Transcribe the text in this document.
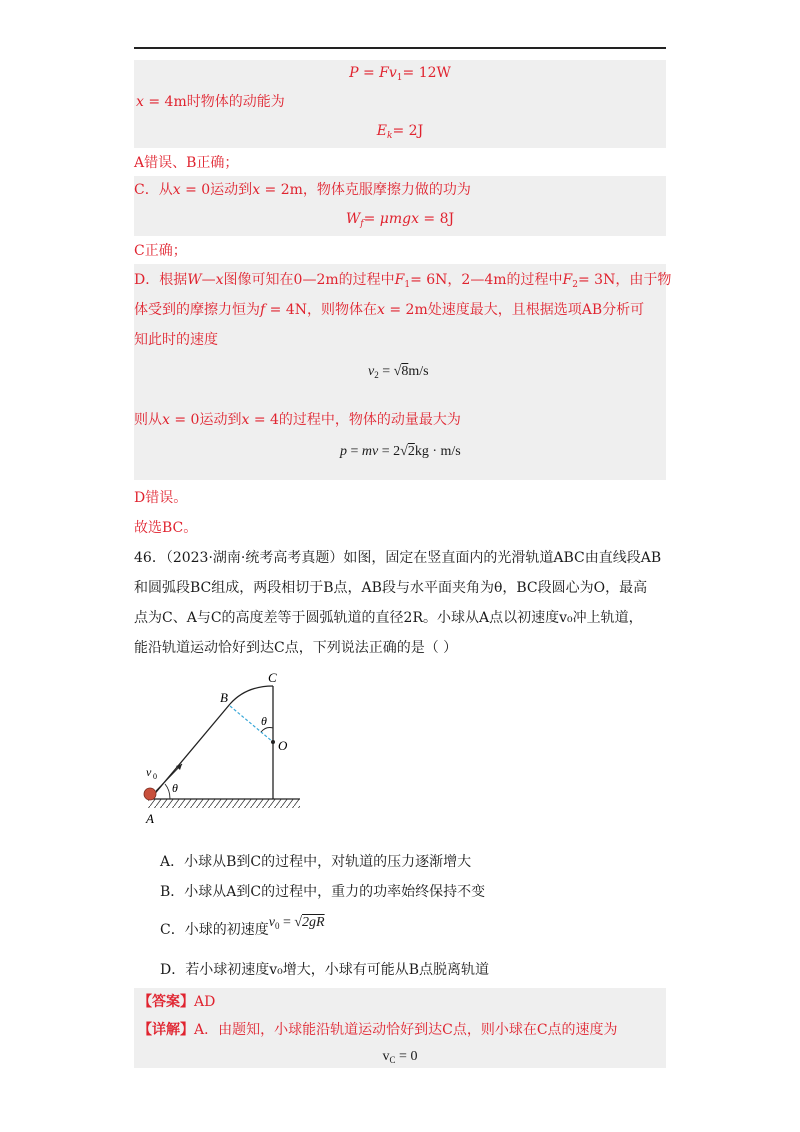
$P = Fv_1= 12W$
x = 4m时物体的动能为
$E_k= 2J$
A错误、B正确；
C．从x = 0运动到x = 2m，物体克服摩擦力做的功为
$W_f= \mu mgx = 8J$
C正确；
D．根据W—x图像可知在0—2m的过程中$F_1= 6N$，2—4m的过程中$F_2= 3N$，由于物
体受到的摩擦力恒为f = 4N，则物体在x = 2m处速度最大，且根据选项AB分析可
知此时的速度
$v_2 = √8m/s$
则从x = 0运动到x = 4的过程中，物体的动量最大为
p = mv = 2√2kg · m/s
D错误。
故选BC。
46．（2023·湖南·统考高考真题）如图，固定在竖直面内的光滑轨道ABC由直线段AB
和圆弧段BC组成，两段相切于B点，AB段与水平面夹角为θ，BC段圆心为O，最高
点为C、A与C的高度差等于圆弧轨道的直径2R。小球从A点以初速度v₀冲上轨道，
能沿轨道运动恰好到达C点，下列说法正确的是（ ）
A
B
C
O
θ
θ
v 0
A．小球从B到C的过程中，对轨道的压力逐渐增大
B．小球从A到C的过程中，重力的功率始终保持不变
C．小球的初速度$v_0 = √2gR$
D．若小球初速度v₀增大，小球有可能从B点脱离轨道
【答案】AD
【详解】A．由题知，小球能沿轨道运动恰好到达C点，则小球在C点的速度为
$v_C = 0$
